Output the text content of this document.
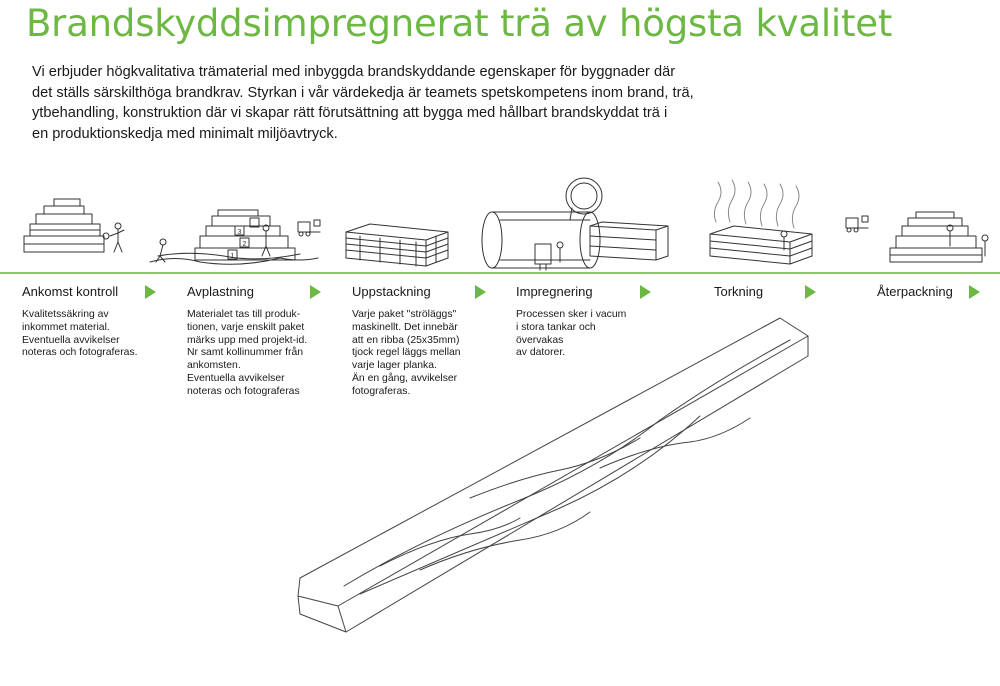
Brandskyddsimpregnerat trä av högsta kvalitet

Vi erbjuder högkvalitativa trämaterial med inbyggda brandskyddande egenskaper för byggnader där
det ställs särskilthöga brandkrav. Styrkan i vår värdekedja är teamets spetskompetens inom brand, trä,
ytbehandling, konstruktion där vi skapar rätt förutsättning att bygga med hållbart brandskyddat trä i
en produktionskedja med minimalt miljöavtryck.

1
2
3
Ankomst kontroll
Kvalitetssäkring av
inkommet material.
Eventuella avvikelser
noteras och fotograferas.
Avplastning
Materialet tas till produk-
tionen, varje enskilt paket
märks upp med projekt-id.
Nr samt kollinummer från
ankomsten.
Eventuella avvikelser
noteras och fotograferas
Uppstackning
Varje paket "ströläggs"
maskinellt. Det innebär
att en ribba (25x35mm)
tjock regel läggs mellan
varje lager planka.
Än en gång, avvikelser
fotograferas.
Impregnering
Processen sker i vacum
i stora tankar och
övervakas
av datorer.
Torkning	Återpackning
